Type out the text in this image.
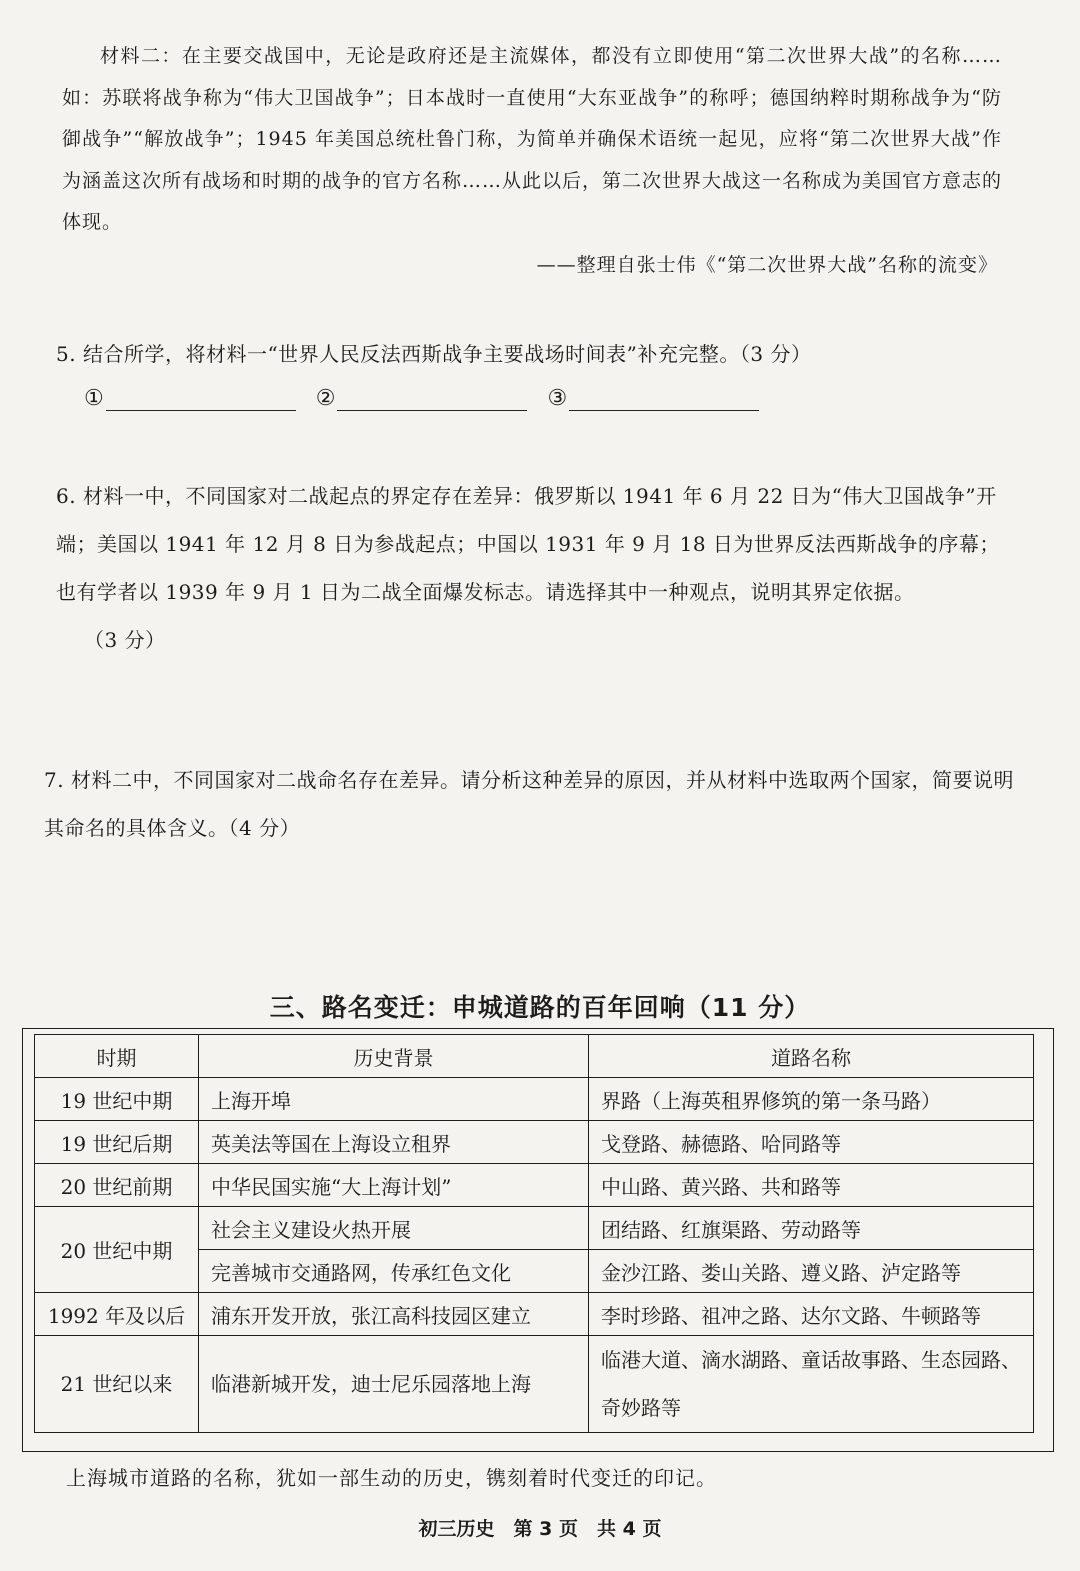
材料二：在主要交战国中，无论是政府还是主流媒体，都没有立即使用“第二次世界大战”的名称……如：苏联将战争称为“伟大卫国战争”；日本战时一直使用“大东亚战争”的称呼；德国纳粹时期称战争为“防御战争”“解放战争”；1945 年美国总统杜鲁门称，为简单并确保术语统一起见，应将“第二次世界大战”作为涵盖这次所有战场和时期的战争的官方名称……从此以后，第二次世界大战这一名称成为美国官方意志的体现。

——整理自张士伟《“第二次世界大战”名称的流变》
5. 结合所学，将材料一“世界人民反法西斯战争主要战场时间表”补充完整。（3 分）
①	②	③

6. 材料一中，不同国家对二战起点的界定存在差异：俄罗斯以 1941 年 6 月 22 日为“伟大卫国战争”开端；美国以 1941 年 12 月 8 日为参战起点；中国以 1931 年 9 月 18 日为世界反法西斯战争的序幕；也有学者以 1939 年 9 月 1 日为二战全面爆发标志。请选择其中一种观点，说明其界定依据。

（3 分）

7. 材料二中，不同国家对二战命名存在差异。请分析这种差异的原因，并从材料中选取两个国家，简要说明其命名的具体含义。（4 分）

三、路名变迁：申城道路的百年回响（11 分）
时期	历史背景	道路名称
19 世纪中期	上海开埠	界路（上海英租界修筑的第一条马路）
19 世纪后期	英美法等国在上海设立租界	戈登路、赫德路、哈同路等
20 世纪前期	中华民国实施“大上海计划”	中山路、黄兴路、共和路等
20 世纪中期	社会主义建设火热开展	团结路、红旗渠路、劳动路等
	完善城市交通路网，传承红色文化	金沙江路、娄山关路、遵义路、泸定路等
1992 年及以后	浦东开发开放，张江高科技园区建立	李时珍路、祖冲之路、达尔文路、牛顿路等
21 世纪以来	临港新城开发，迪士尼乐园落地上海	临港大道、滴水湖路、童话故事路、生态园路、奇妙路等
上海城市道路的名称，犹如一部生动的历史，镌刻着时代变迁的印记。
初三历史　第 3 页　共 4 页
